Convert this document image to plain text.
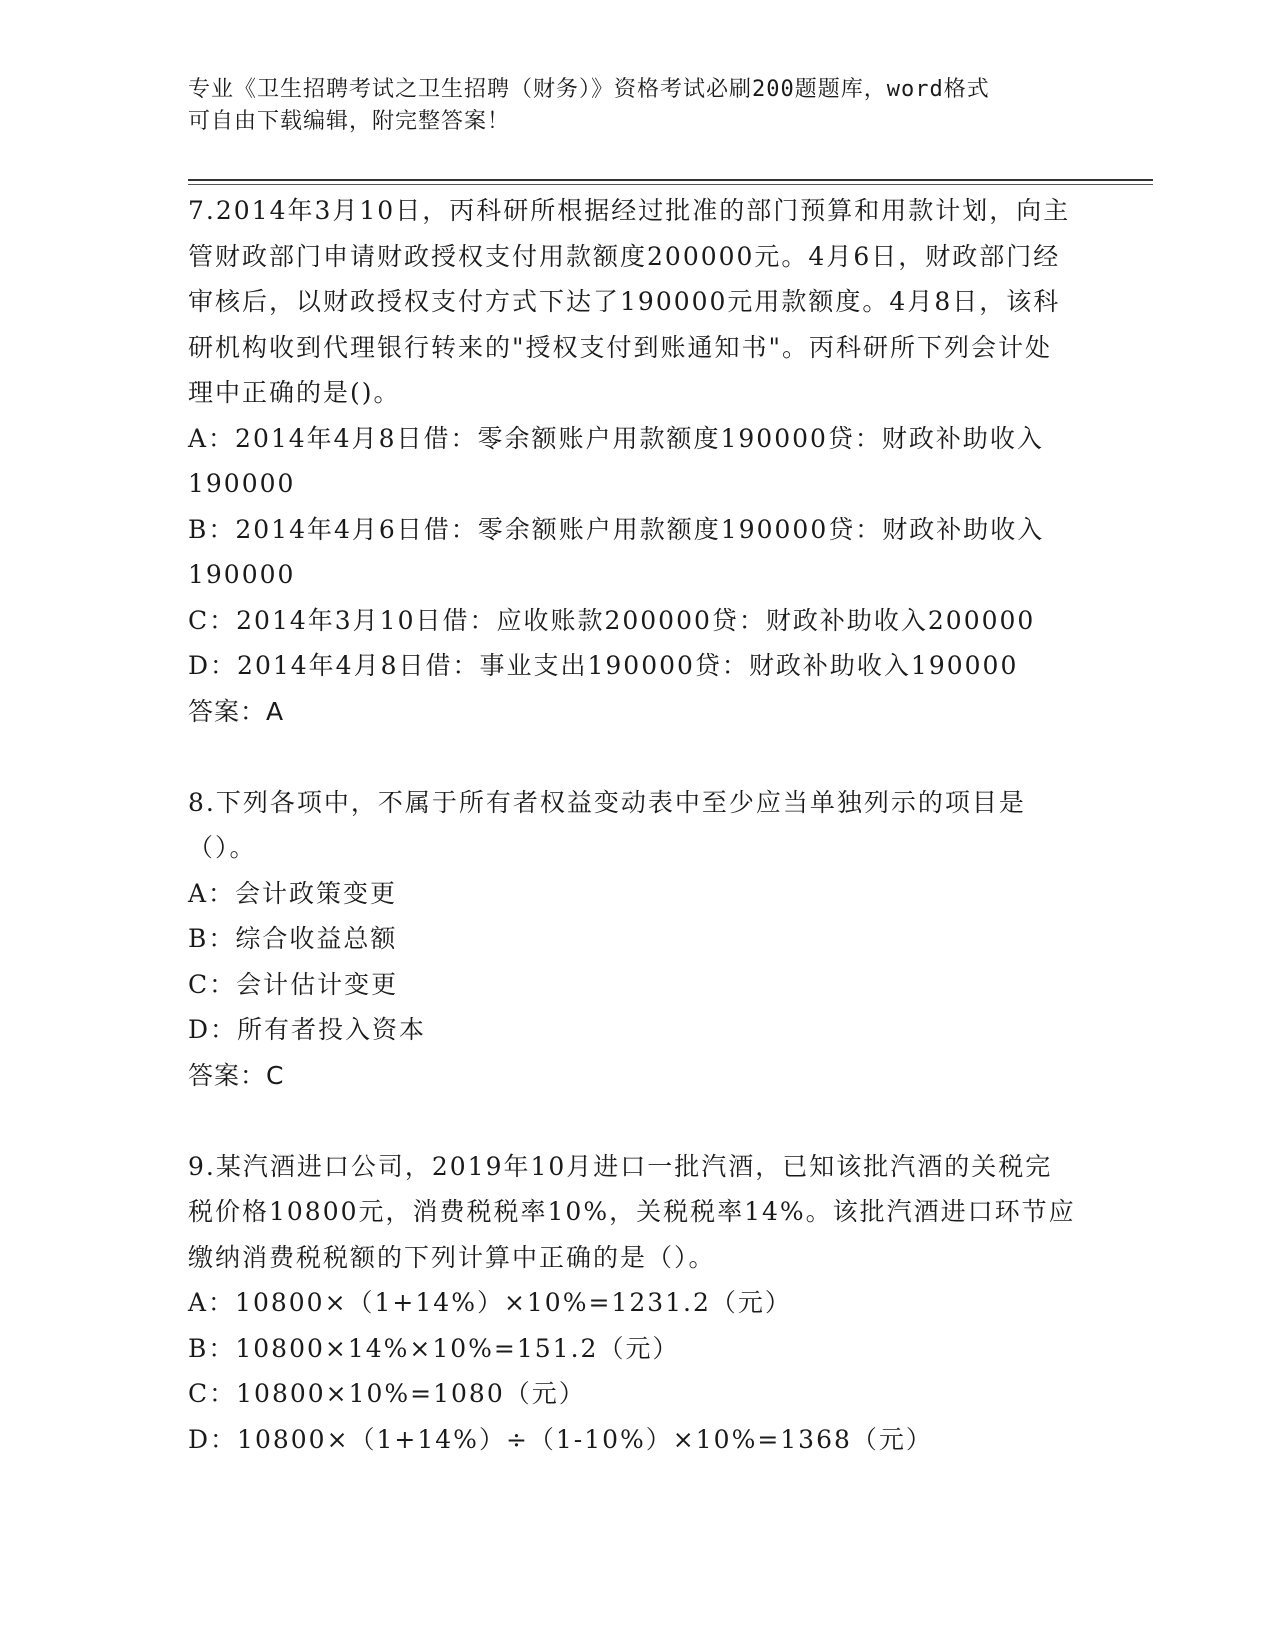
专业《卫生招聘考试之卫生招聘（财务）》资格考试必刷200题题库，word格式
可自由下载编辑，附完整答案！
7.2014年3月10日，丙科研所根据经过批准的部门预算和用款计划，向主管财政部门申请财政授权支付用款额度200000元。4月6日，财政部门经审核后，以财政授权支付方式下达了190000元用款额度。4月8日，该科研机构收到代理银行转来的"授权支付到账通知书"。丙科研所下列会计处理中正确的是()。
A：2014年4月8日借：零余额账户用款额度190000贷：财政补助收入190000
B：2014年4月6日借：零余额账户用款额度190000贷：财政补助收入190000
C：2014年3月10日借：应收账款200000贷：财政补助收入200000
D：2014年4月8日借：事业支出190000贷：财政补助收入190000
答案：A
8.下列各项中，不属于所有者权益变动表中至少应当单独列示的项目是（）。
A：会计政策变更
B：综合收益总额
C：会计估计变更
D：所有者投入资本
答案：C
9.某汽酒进口公司，2019年10月进口一批汽酒，已知该批汽酒的关税完税价格10800元，消费税税率10%，关税税率14%。该批汽酒进口环节应缴纳消费税税额的下列计算中正确的是（）。
A：10800×（1+14%）×10%=1231.2（元）
B：10800×14%×10%=151.2（元）
C：10800×10%=1080（元）
D：10800×（1+14%）÷（1-10%）×10%=1368（元）
